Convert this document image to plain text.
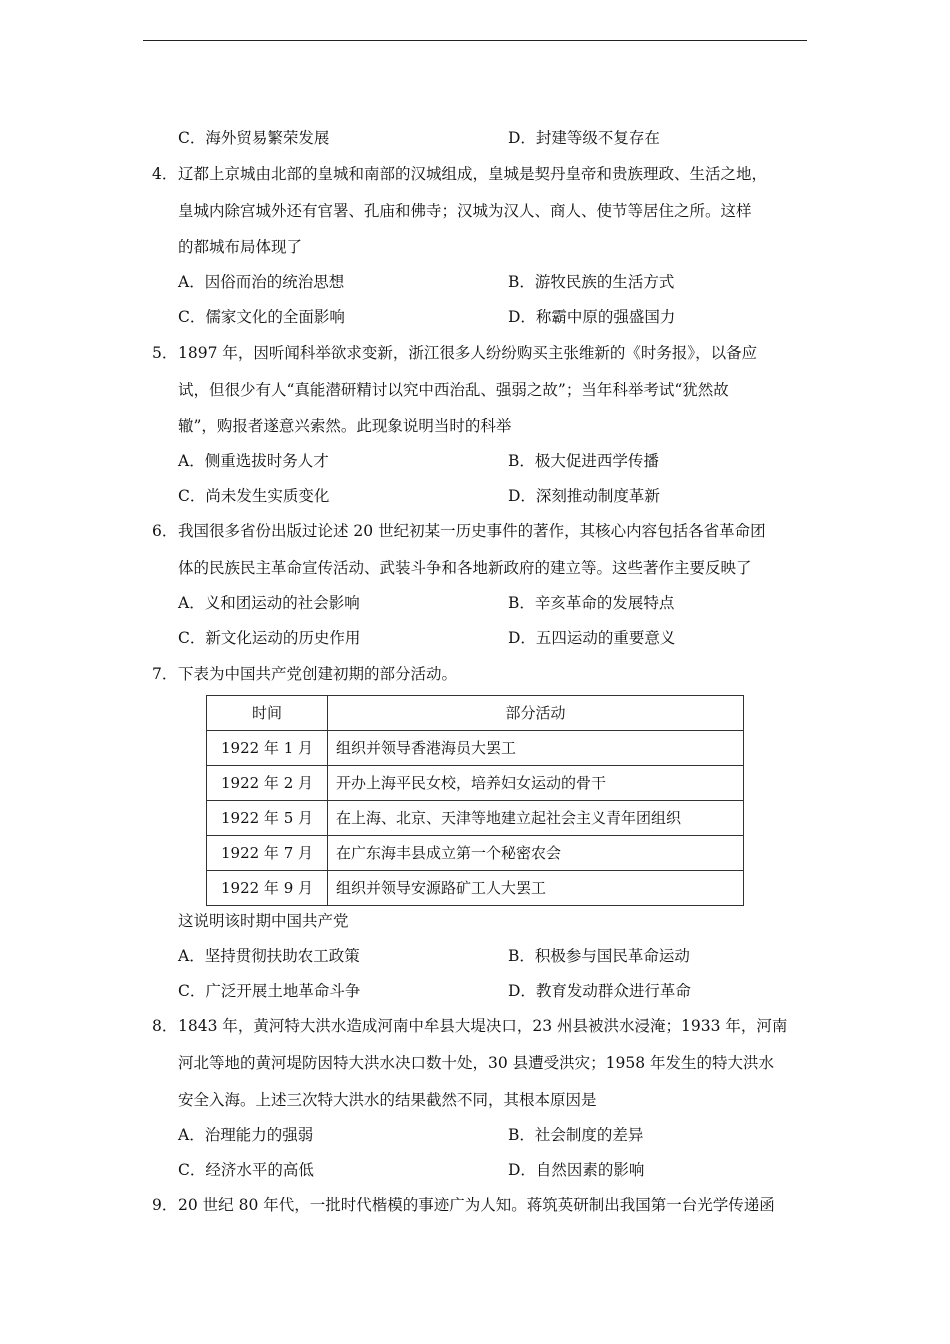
C．海外贸易繁荣发展	D．封建等级不复存在
4． 辽都上京城由北部的皇城和南部的汉城组成，皇城是契丹皇帝和贵族理政、生活之地，
皇城内除宫城外还有官署、孔庙和佛寺；汉城为汉人、商人、使节等居住之所。这样
的都城布局体现了
A．因俗而治的统治思想	B．游牧民族的生活方式
C．儒家文化的全面影响	D．称霸中原的强盛国力
5． 1897 年，因听闻科举欲求变新，浙江很多人纷纷购买主张维新的《时务报》，以备应
试，但很少有人“真能潜研精讨以究中西治乱、强弱之故”；当年科举考试“犹然故
辙”，购报者遂意兴索然。此现象说明当时的科举
A．侧重选拔时务人才	B．极大促进西学传播
C．尚未发生实质变化	D．深刻推动制度革新
6． 我国很多省份出版过论述 20 世纪初某一历史事件的著作，其核心内容包括各省革命团
体的民族民主革命宣传活动、武装斗争和各地新政府的建立等。这些著作主要反映了
A．义和团运动的社会影响	B．辛亥革命的发展特点
C．新文化运动的历史作用	D．五四运动的重要意义
7． 下表为中国共产党创建初期的部分活动。
时间	部分活动
1922 年 1 月	组织并领导香港海员大罢工
1922 年 2 月	开办上海平民女校，培养妇女运动的骨干
1922 年 5 月	在上海、北京、天津等地建立起社会主义青年团组织
1922 年 7 月	在广东海丰县成立第一个秘密农会
1922 年 9 月	组织并领导安源路矿工人大罢工
这说明该时期中国共产党
A．坚持贯彻扶助农工政策	B．积极参与国民革命运动
C．广泛开展土地革命斗争	D．教育发动群众进行革命
8． 1843 年，黄河特大洪水造成河南中牟县大堤决口，23 州县被洪水浸淹；1933 年，河南
河北等地的黄河堤防因特大洪水决口数十处，30 县遭受洪灾；1958 年发生的特大洪水
安全入海。上述三次特大洪水的结果截然不同，其根本原因是
A．治理能力的强弱	B．社会制度的差异
C．经济水平的高低	D．自然因素的影响
9． 20 世纪 80 年代，一批时代楷模的事迹广为人知。蒋筑英研制出我国第一台光学传递函
